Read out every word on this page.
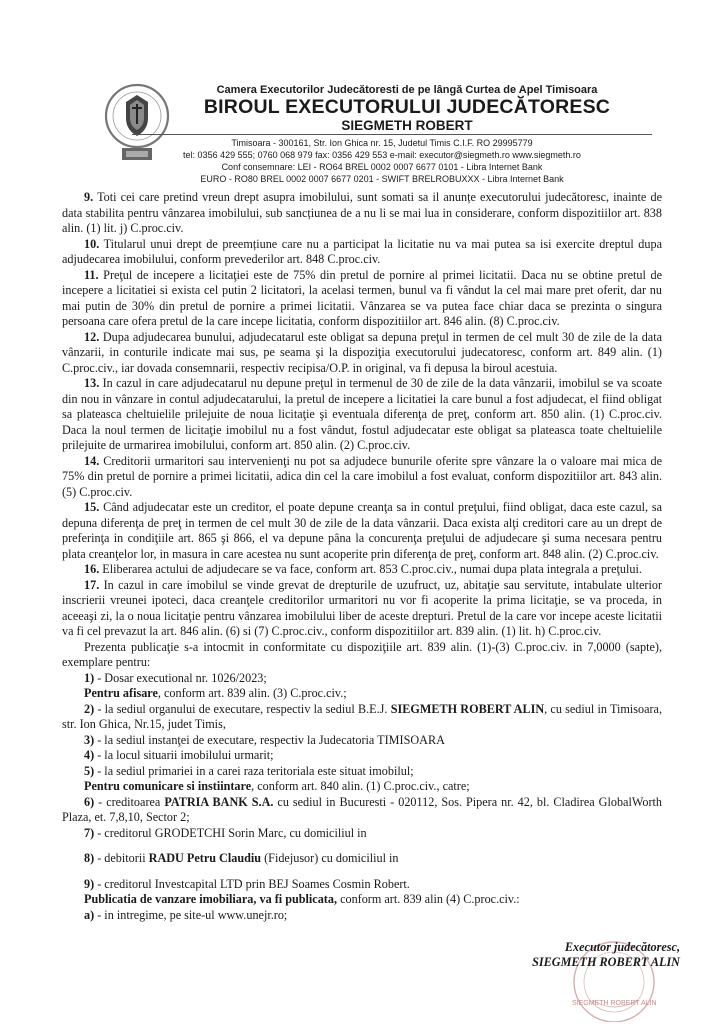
Camera Executorilor Judecătoresti de pe lângă Curtea de Apel Timisoara
BIROUL EXECUTORULUI JUDECĂTORESC
SIEGMETH ROBERT
Timisoara - 300161, Str. Ion Ghica nr. 15, Judetul Timis C.I.F. RO 29995779
tel: 0356 429 555; 0760 068 979 fax: 0356 429 553 e-mail: executor@siegmeth.ro www.siegmeth.ro
Conf consemnare: LEI - RO64 BREL 0002 0007 6677 0101 - Libra Internet Bank
EURO - RO80 BREL 0002 0007 6677 0201 - SWIFT BRELROBUXXX - Libra Internet Bank

9. Toti cei care pretind vreun drept asupra imobilului, sunt somati sa il anunțe executorului judecătoresc, inainte de data stabilita pentru vânzarea imobilului, sub sancțiunea de a nu li se mai lua in considerare, conform dispozitiilor art. 838 alin. (1) lit. j) C.proc.civ.

10. Titularul unui drept de preemțiune care nu a participat la licitatie nu va mai putea sa isi exercite dreptul dupa adjudecarea imobilului, conform prevederilor art. 848 C.proc.civ.

11. Preţul de incepere a licitaţiei este de 75% din pretul de pornire al primei licitatii. Daca nu se obtine pretul de incepere a licitatiei si exista cel putin 2 licitatori, la acelasi termen, bunul va fi vândut la cel mai mare pret oferit, dar nu mai putin de 30% din pretul de pornire a primei licitatii. Vânzarea se va putea face chiar daca se prezinta o singura persoana care ofera pretul de la care incepe licitatia, conform dispozitiilor art. 846 alin. (8) C.proc.civ.

12. Dupa adjudecarea bunului, adjudecatarul este obligat sa depuna preţul in termen de cel mult 30 de zile de la data vânzarii, in conturile indicate mai sus, pe seama şi la dispoziţia executorului judecatoresc, conform art. 849 alin. (1) C.proc.civ., iar dovada consemnarii, respectiv recipisa/O.P. in original, va fi depusa la biroul acestuia.

13. In cazul in care adjudecatarul nu depune preţul in termenul de 30 de zile de la data vânzarii, imobilul se va scoate din nou in vânzare in contul adjudecatarului, la pretul de incepere a licitatiei la care bunul a fost adjudecat, el fiind obligat sa plateasca cheltuielile prilejuite de noua licitaţie şi eventuala diferenţa de preţ, conform art. 850 alin. (1) C.proc.civ. Daca la noul termen de licitaţie imobilul nu a fost vândut, fostul adjudecatar este obligat sa plateasca toate cheltuielile prilejuite de urmarirea imobilului, conform art. 850 alin. (2) C.proc.civ.

14. Creditorii urmaritori sau intervenienţi nu pot sa adjudece bunurile oferite spre vânzare la o valoare mai mica de 75% din pretul de pornire a primei licitatii, adica din cel la care imobilul a fost evaluat, conform dispozitiilor art. 843 alin. (5) C.proc.civ.

15. Când adjudecatar este un creditor, el poate depune creanţa sa in contul preţului, fiind obligat, daca este cazul, sa depuna diferenţa de preţ in termen de cel mult 30 de zile de la data vânzarii. Daca exista alţi creditori care au un drept de preferinţa in condiţiile art. 865 şi 866, el va depune pâna la concurenţa preţului de adjudecare şi suma necesara pentru plata creanţelor lor, in masura in care acestea nu sunt acoperite prin diferenţa de preţ, conform art. 848 alin. (2) C.proc.civ.

16. Eliberarea actului de adjudecare se va face, conform art. 853 C.proc.civ., numai dupa plata integrala a preţului.

17. In cazul in care imobilul se vinde grevat de drepturile de uzufruct, uz, abitaţie sau servitute, intabulate ulterior inscrierii vreunei ipoteci, daca creanţele creditorilor urmaritori nu vor fi acoperite la prima licitaţie, se va proceda, in aceeaşi zi, la o noua licitaţie pentru vânzarea imobilului liber de aceste drepturi. Pretul de la care vor incepe aceste licitatii va fi cel prevazut la art. 846 alin. (6) si (7) C.proc.civ., conform dispozitiilor art. 839 alin. (1) lit. h) C.proc.civ.

Prezenta publicaţie s-a intocmit in conformitate cu dispoziţiile art. 839 alin. (1)-(3) C.proc.civ. in 7,0000 (sapte), exemplare pentru:

1) - Dosar executional nr. 1026/2023;

Pentru afisare, conform art. 839 alin. (3) C.proc.civ.;

2) - la sediul organului de executare, respectiv la sediul B.E.J. SIEGMETH ROBERT ALIN, cu sediul in Timisoara, str. Ion Ghica, Nr.15, judet Timis,

3) - la sediul instanţei de executare, respectiv la Judecatoria TIMISOARA

4) - la locul situarii imobilului urmarit;

5) - la sediul primariei in a carei raza teritoriala este situat imobilul;

Pentru comunicare si instiintare, conform art. 840 alin. (1) C.proc.civ., catre;

6) - creditoarea PATRIA BANK S.A. cu sediul in Bucuresti - 020112, Sos. Pipera nr. 42, bl. Cladirea GlobalWorth Plaza, et. 7,8,10, Sector 2;

7) - creditorul GRODETCHI Sorin Marc, cu domiciliul in

8) - debitorii RADU Petru Claudiu (Fidejusor) cu domiciliul in

9) - creditorul Investcapital LTD prin BEJ Soames Cosmin Robert.

Publicatia de vanzare imobiliara, va fi publicata, conform art. 839 alin (4) C.proc.civ.:

a) - in intregime, pe site-ul www.unejr.ro;

Executor judecătoresc,
SIEGMETH ROBERT ALIN
SIEGMETH ROBERT ALIN
